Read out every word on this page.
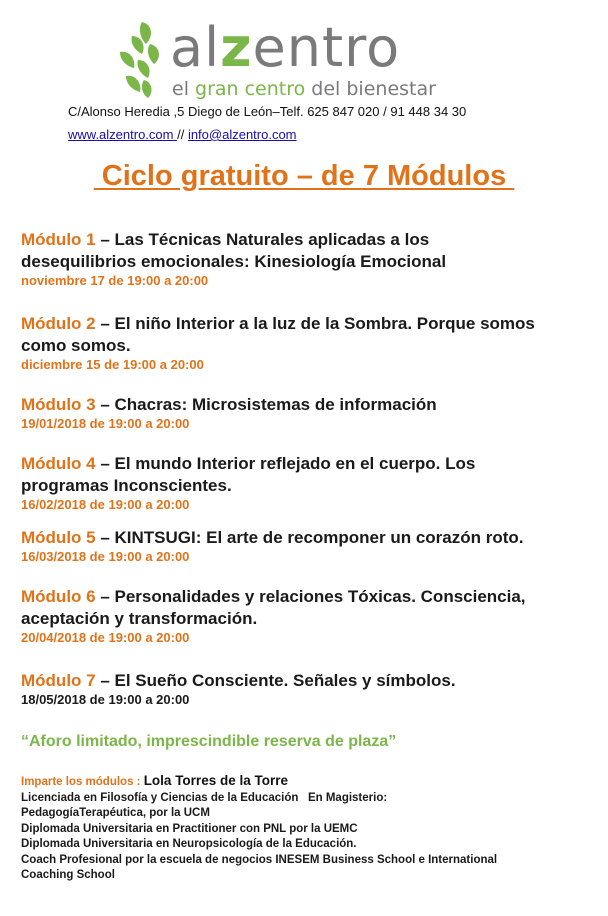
alzentro
el gran centro del bienestar
C/Alonso Heredia ,5 Diego de León–Telf. 625 847 020 / 91 448 34 30
www.alzentro.com // info@alzentro.com
Ciclo gratuito – de 7 Módulos
Módulo 1 – Las Técnicas Naturales aplicadas a los
desequilibrios emocionales: Kinesiología Emocional
noviembre 17 de 19:00 a 20:00
Módulo 2 – El niño Interior a la luz de la Sombra. Porque somos
como somos.
diciembre 15 de 19:00 a 20:00
Módulo 3 – Chacras: Microsistemas de información
19/01/2018 de 19:00 a 20:00
Módulo 4 – El mundo Interior reflejado en el cuerpo. Los
programas Inconscientes.
16/02/2018 de 19:00 a 20:00
Módulo 5 – KINTSUGI: El arte de recomponer un corazón roto.
16/03/2018 de 19:00 a 20:00
Módulo 6 – Personalidades y relaciones Tóxicas. Consciencia,
aceptación y transformación.
20/04/2018 de 19:00 a 20:00
Módulo 7 – El Sueño Consciente. Señales y símbolos.
18/05/2018 de 19:00 a 20:00
“Aforo limitado, imprescindible reserva de plaza”
Imparte los módulos : Lola Torres de la Torre
Licenciada en Filosofía y Ciencias de la Educación   En Magisterio:
PedagogíaTerapéutica, por la UCM
Diplomada Universitaria en Practitioner con PNL por la UEMC
Diplomada Universitaria en Neuropsicología de la Educación.
Coach Profesional por la escuela de negocios INESEM Business School e International
Coaching School
